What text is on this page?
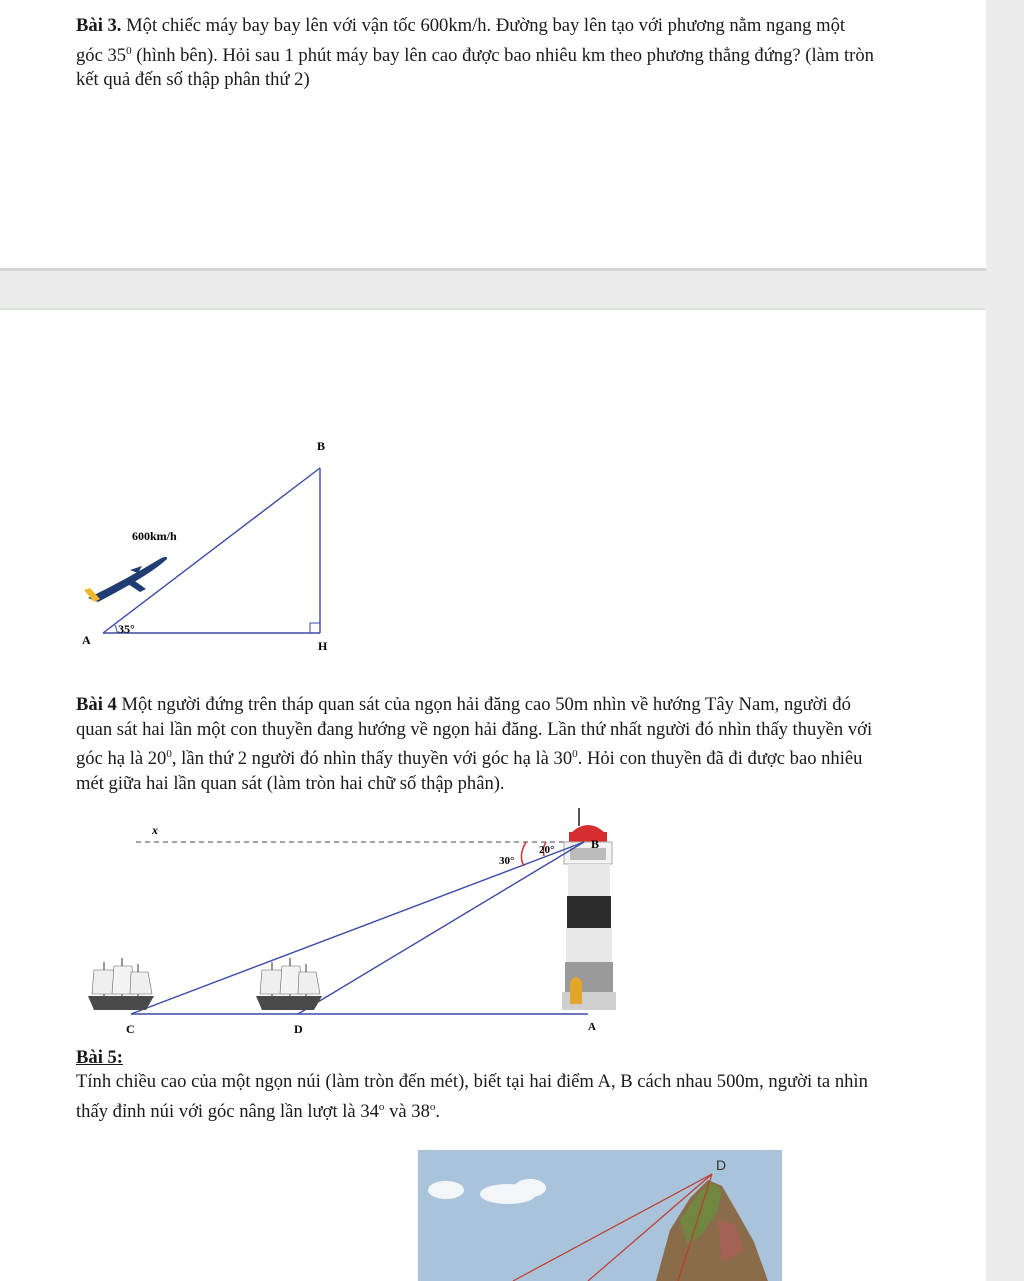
Bài 3. Một chiếc máy bay bay lên với vận tốc 600km/h. Đường bay lên tạo với phương nằm ngang một góc $35^0$ (hình bên). Hỏi sau 1 phút máy bay lên cao được bao nhiêu km theo phương thẳng đứng? (làm tròn kết quả đến số thập phân thứ 2)

600km/h
35°
A
B
H

Bài 4 Một người đứng trên tháp quan sát của ngọn hải đăng cao 50m nhìn về hướng Tây Nam, người đó quan sát hai lần một con thuyền đang hướng về ngọn hải đăng. Lần thứ nhất người đó nhìn thấy thuyền với góc hạ là $20^0$, lần thứ 2 người đó nhìn thấy thuyền với góc hạ là $30^0$. Hỏi con thuyền đã đi được bao nhiêu mét giữa hai lần quan sát (làm tròn hai chữ số thập phân).

x
20°
30°
B
C	D	A

Bài 5:

Tính chiều cao của một ngọn núi (làm tròn đến mét), biết tại hai điểm A, B cách nhau 500m, người ta nhìn thấy đỉnh núi với góc nâng lần lượt là 34$^o$ và 38$^o$.

D
